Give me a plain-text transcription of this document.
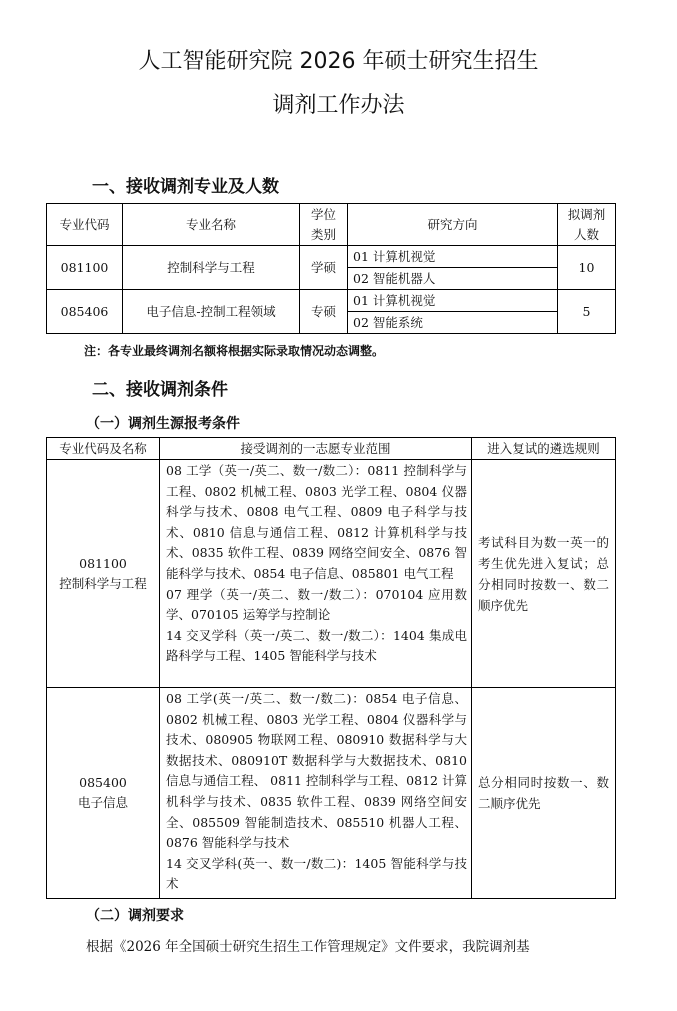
人工智能研究院 2026 年硕士研究生招生
调剂工作办法
一、接收调剂专业及人数
专业代码	专业名称	学位
类别	研究方向	拟调剂
人数

081100	控制科学与工程	学硕	01 计算机视觉	10
			02 智能机器人	
085406	电子信息-控制工程领域	专硕	01 计算机视觉	5
			02 智能系统	
注：各专业最终调剂名额将根据实际录取情况动态调整。
二、接收调剂条件
（一）调剂生源报考条件
专业代码及名称	接受调剂的一志愿专业范围	进入复试的遴选规则

081100
控制科学与工程	08 工学（英一/英二、数一/数二）：0811 控制科学与工程、0802 机械工程、0803 光学工程、0804 仪器科学与技术、0808 电气工程、0809 电子科学与技术、0810 信息与通信工程、0812 计算机科学与技术、0835 软件工程、0839 网络空间安全、0876 智能科学与技术、0854 电子信息、085801 电气工程
07 理学（英一/英二、数一/数二）：070104 应用数学、070105 运筹学与控制论
14 交叉学科（英一/英二、数一/数二）：1404 集成电路科学与工程、1405 智能科学与技术	考试科目为数一英一的考生优先进入复试；总分相同时按数一、数二顺序优先

085400
电子信息	08 工学(英一/英二、数一/数二)：0854 电子信息、0802 机械工程、0803 光学工程、0804 仪器科学与技术、080905 物联网工程、080910 数据科学与大数据技术、080910T 数据科学与大数据技术、0810 信息与通信工程、 0811 控制科学与工程、0812 计算机科学与技术、0835 软件工程、0839 网络空间安全、085509 智能制造技术、085510 机器人工程、0876 智能科学与技术
14 交叉学科(英一、数一/数二)：1405 智能科学与技术	总分相同时按数一、数二顺序优先
（二）调剂要求
根据《2026 年全国硕士研究生招生工作管理规定》文件要求，我院调剂基
